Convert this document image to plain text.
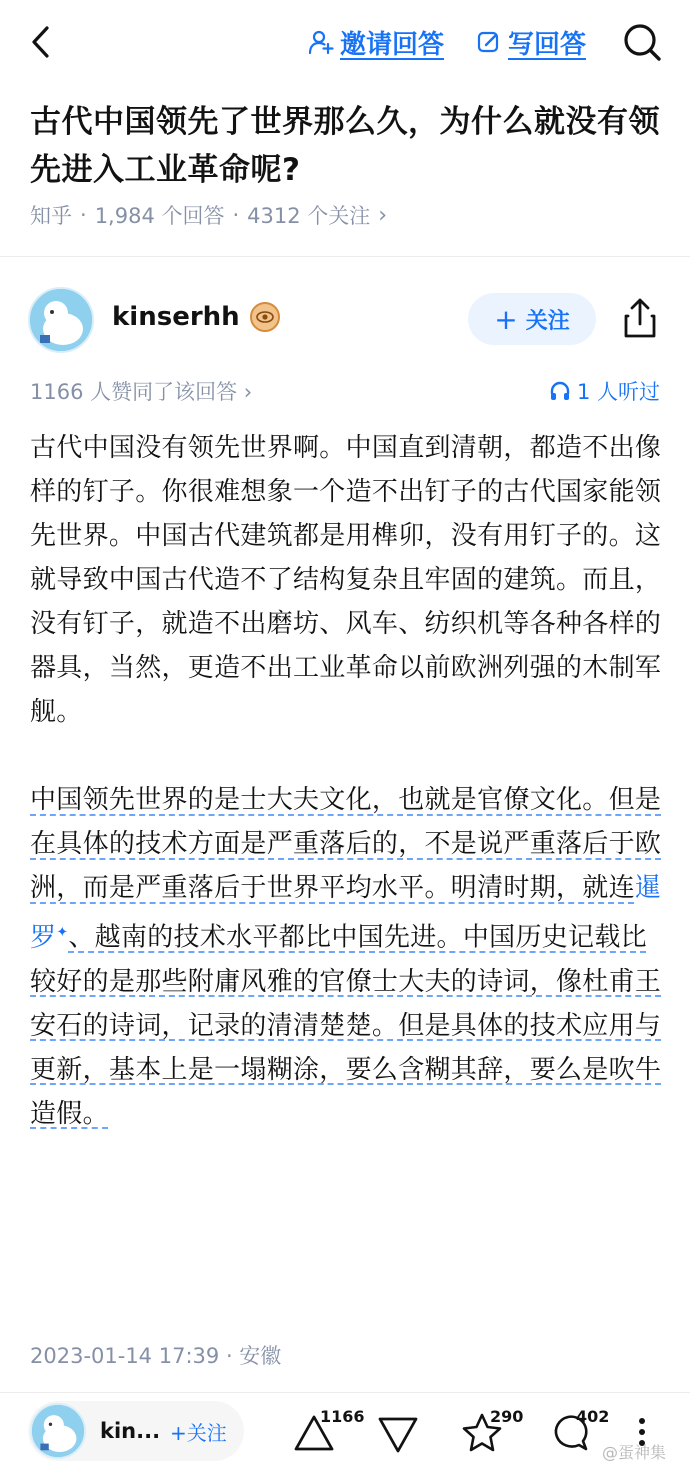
邀请回答 写回答
古代中国领先了世界那么久，为什么就没有领先进入工业革命呢?
知乎 · 1,984 个回答 · 4312 个关注 ›
kinserhh	+ 关注
1166 人赞同了该回答 ›	1 人听过

古代中国没有领先世界啊。中国直到清朝，都造不出像样的钉子。你很难想象一个造不出钉子的古代国家能领先世界。中国古代建筑都是用榫卯，没有用钉子的。这就导致中国古代造不了结构复杂且牢固的建筑。而且，没有钉子，就造不出磨坊、风车、纺织机等各种各样的器具，当然，更造不出工业革命以前欧洲列强的木制军舰。

中国领先世界的是士大夫文化，也就是官僚文化。但是在具体的技术方面是严重落后的，不是说严重落后于欧洲，而是严重落后于世界平均水平。明清时期，就连暹罗✦、越南的技术水平都比中国先进。中国历史记载比较好的是那些附庸风雅的官僚士大夫的诗词，像杜甫王安石的诗词，记录的清清楚楚。但是具体的技术应用与更新，基本上是一塌糊涂，要么含糊其辞，要么是吹牛造假。

2023-01-14 17:39 · 安徽
kin... +关注
1166	290	402
@蛋神集
